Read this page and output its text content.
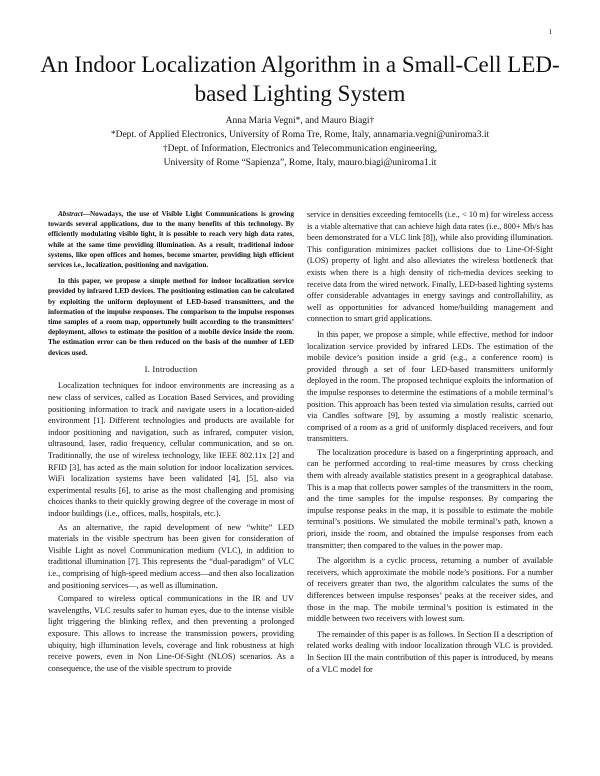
1
An Indoor Localization Algorithm in a Small-Cell LED-based Lighting System
Anna Maria Vegni*, and Mauro Biagi†
*Dept. of Applied Electronics, University of Roma Tre, Rome, Italy, annamaria.vegni@uniroma3.it
†Dept. of Information, Electronics and Telecommunication engineering,
University of Rome “Sapienza”, Rome, Italy, mauro.biagi@uniroma1.it
Abstract—Nowadays, the use of Visible Light Communications is growing towards several applications, due to the many benefits of this technology. By efficiently modulating visible light, it is possible to reach very high data rates, while at the same time providing illumination. As a result, traditional indoor systems, like open offices and homes, become smarter, providing high efficient services i.e., localization, positioning and navigation.
In this paper, we propose a simple method for indoor localization service provided by infrared LED devices. The positioning estimation can be calculated by exploiting the uniform deployment of LED-based transmitters, and the information of the impulse responses. The comparison to the impulse responses time samples of a room map, opportunely built according to the transmitters’ deployment, allows to estimate the position of a mobile device inside the room. The estimation error can be then reduced on the basis of the number of LED devices used.
I. Introduction

Localization techniques for indoor environments are increasing as a new class of services, called as Location Based Services, and providing positioning information to track and navigate users in a location-aided environment [1]. Different technologies and products are available for indoor positioning and navigation, such as infrared, computer vision, ultrasound, laser, radio frequency, cellular communication, and so on. Traditionally, the use of wireless technology, like IEEE 802.11x [2] and RFID [3], has acted as the main solution for indoor localization services. WiFi localization systems have been validated [4], [5], also via experimental results [6], to arise as the most challenging and promising choices thanks to their quickly growing degree of the coverage in most of indoor buildings (i.e., offices, malls, hospitals, etc.).

As an alternative, the rapid development of new “white” LED materials in the visible spectrum has been given for consideration of Visible Light as novel Communication medium (VLC), in addition to traditional illumination [7]. This represents the “dual-paradigm” of VLC i.e., comprising of high-speed medium access—and then also localization and positioning services—, as well as illumination.

Compared to wireless optical communications in the IR and UV wavelengths, VLC results safer to human eyes, due to the intense visible light triggering the blinking reflex, and then preventing a prolonged exposure. This allows to increase the transmission powers, providing ubiquity, high illumination levels, coverage and link robustness at high receive powers, even in Non Line-Of-Sight (NLOS) scenarios. As a consequence, the use of the visible spectrum to provide

service in densities exceeding femtocells (i.e., < 10 m) for wireless access is a viable alternative that can achieve high data rates (i.e., 800+ Mb/s has been demonstrated for a VLC link [8]), while also providing illumination. This configuration minimizes packet collisions due to Line-Of-Sight (LOS) property of light and also alleviates the wireless bottleneck that exists when there is a high density of rich-media devices seeking to receive data from the wired network. Finally, LED-based lighting systems offer considerable advantages in energy savings and controllability, as well as opportunities for advanced home/building management and connection to smart grid applications.

In this paper, we propose a simple, while effective, method for indoor localization service provided by infrared LEDs. The estimation of the mobile device’s position inside a grid (e.g., a conference room) is provided through a set of four LED-based transmitters uniformly deployed in the room. The proposed technique exploits the information of the impulse responses to determine the estimations of a mobile terminal’s position. This approach has been tested via simulation results, carried out via Candles software [9], by assuming a mostly realistic scenario, comprised of a room as a grid of uniformly displaced receivers, and four transmitters.

The localization procedure is based on a fingerprinting approach, and can be performed according to real-time measures by cross checking them with already available statistics present in a geographical database. This is a map that collects power samples of the transmitters in the room, and the time samples for the impulse responses. By comparing the impulse response peaks in the map, it is possible to estimate the mobile terminal’s positions. We simulated the mobile terminal’s path, known a priori, inside the room, and obtained the impulse responses from each transmitter; then compared to the values in the power map.

The algorithm is a cyclic process, returning a number of available receivers, which approximate the mobile node’s positions. For a number of receivers greater than two, the algorithm calculates the sums of the differences between impulse responses’ peaks at the receiver sides, and those in the map. The mobile terminal’s position is estimated in the middle between two receivers with lowest sum.

The remainder of this paper is as follows. In Section II a description of related works dealing with indoor localization through VLC is provided. In Section III the main contribution of this paper is introduced, by means of a VLC model for
